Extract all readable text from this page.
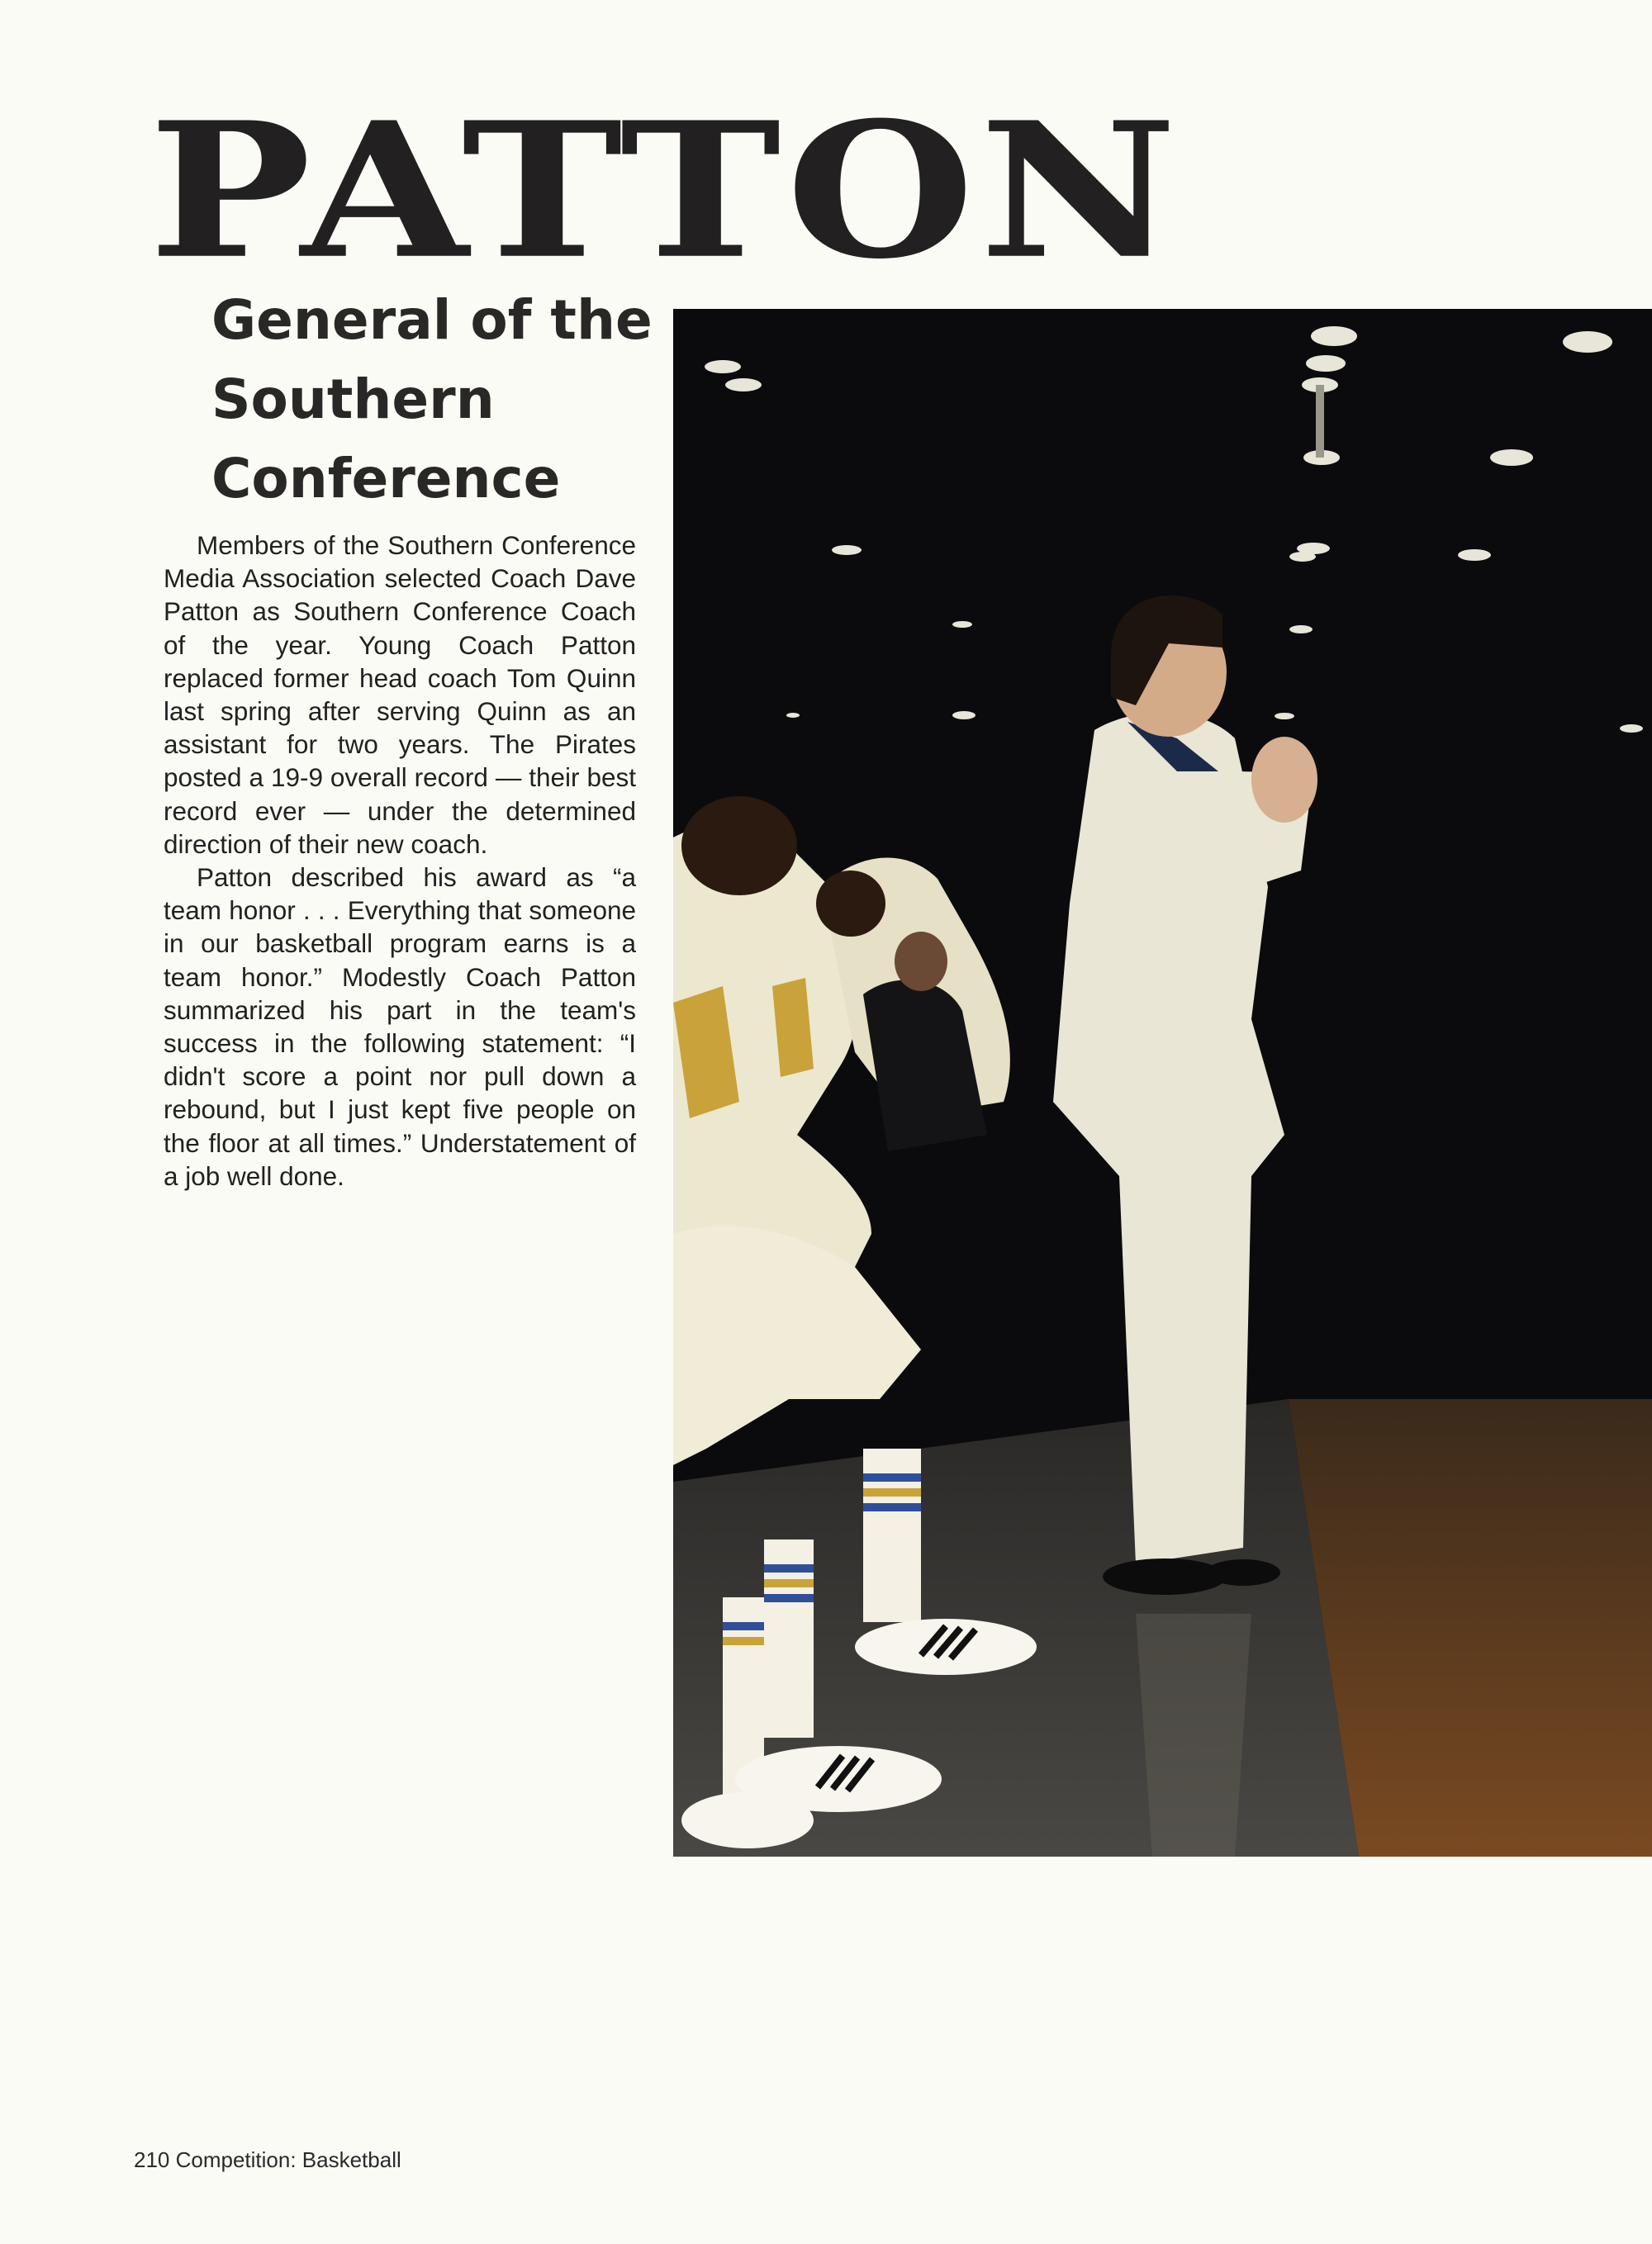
PATTON
General of the Southern Conference

Members of the Southern Conference Media Association selected Coach Dave Patton as Southern Conference Coach of the year. Young Coach Patton replaced former head coach Tom Quinn last spring after serving Quinn as an assistant for two years. The Pirates posted a 19-9 overall record — their best record ever — under the determined direction of their new coach.

Patton described his award as “a team honor . . . Everything that someone in our basketball program earns is a team honor.” Modestly Coach Patton summarized his part in the team's success in the following statement: “I didn't score a point nor pull down a rebound, but I just kept five people on the floor at all times.” Understatement of a job well done.

210 Competition: Basketball
